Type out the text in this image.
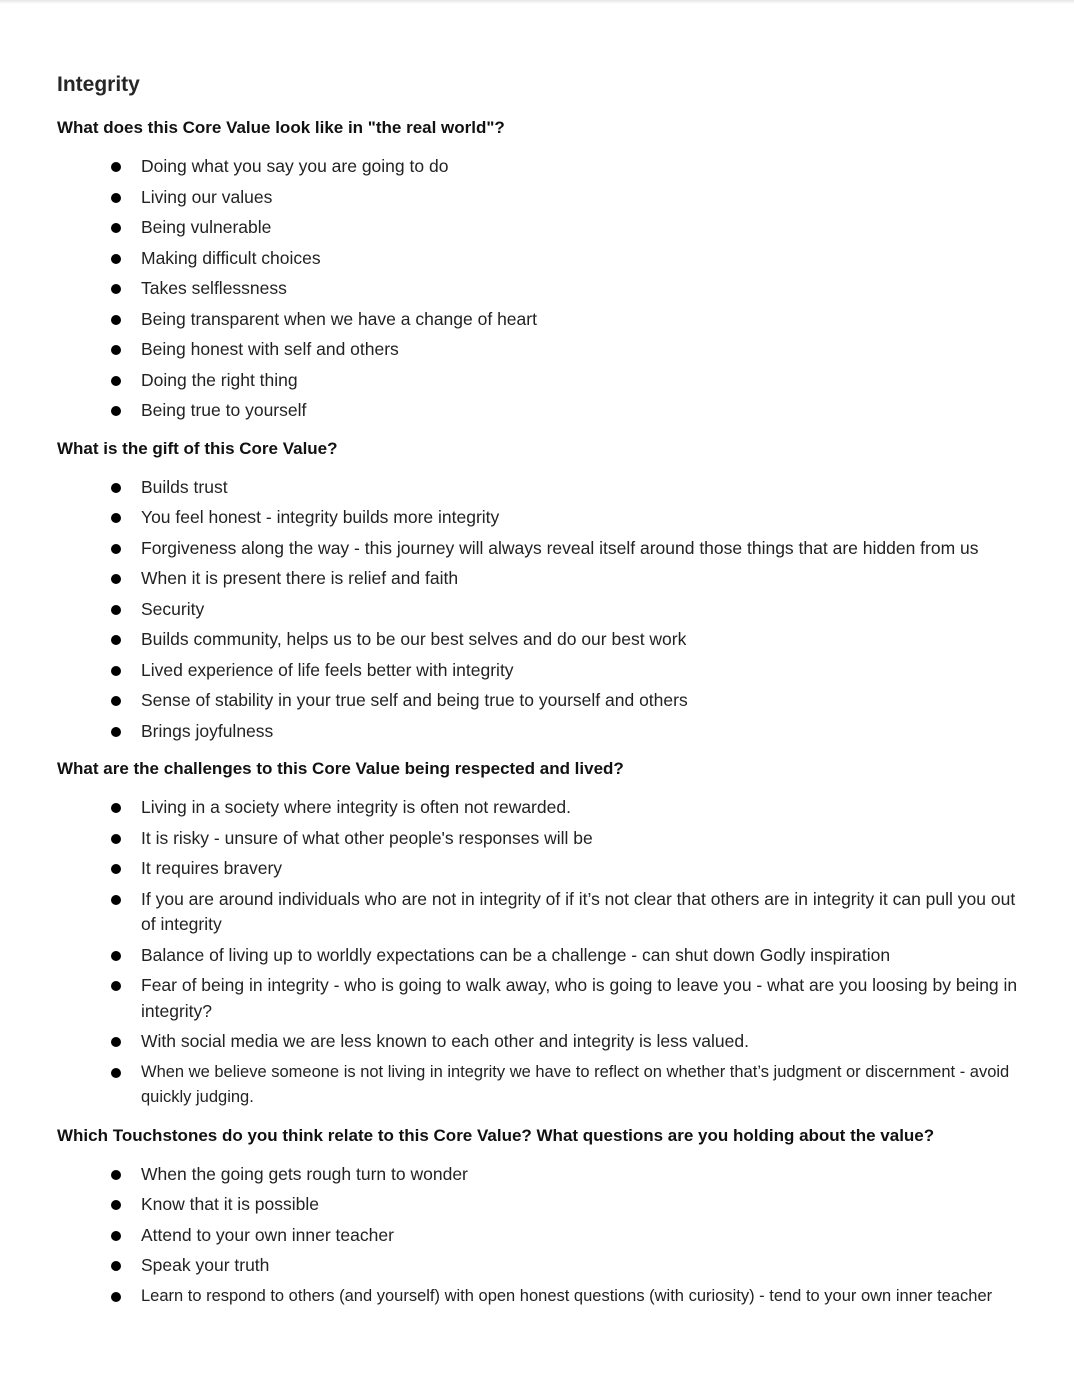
Integrity
What does this Core Value look like in "the real world"?
Doing what you say you are going to do
Living our values
Being vulnerable
Making difficult choices
Takes selflessness
Being transparent when we have a change of heart
Being honest with self and others
Doing the right thing
Being true to yourself
What is the gift of this Core Value?
Builds trust
You feel honest - integrity builds more integrity
Forgiveness along the way - this journey will always reveal itself around those things that are hidden from us
When it is present there is relief and faith
Security
Builds community, helps us to be our best selves and do our best work
Lived experience of life feels better with integrity
Sense of stability in your true self and being true to yourself and others
Brings joyfulness
What are the challenges to this Core Value being respected and lived?
Living in a society where integrity is often not rewarded.
It is risky - unsure of what other people's responses will be
It requires bravery
If you are around individuals who are not in integrity of if it’s not clear that others are in integrity it can pull you out of integrity
Balance of living up to worldly expectations can be a challenge - can shut down Godly inspiration
Fear of being in integrity - who is going to walk away, who is going to leave you - what are you loosing by being in integrity?
With social media we are less known to each other and integrity is less valued.
When we believe someone is not living in integrity we have to reflect on whether that’s judgment or discernment - avoid quickly judging.
Which Touchstones do you think relate to this Core Value? What questions are you holding about the value?
When the going gets rough turn to wonder
Know that it is possible
Attend to your own inner teacher
Speak your truth
Learn to respond to others (and yourself) with open honest questions (with curiosity) - tend to your own inner teacher
